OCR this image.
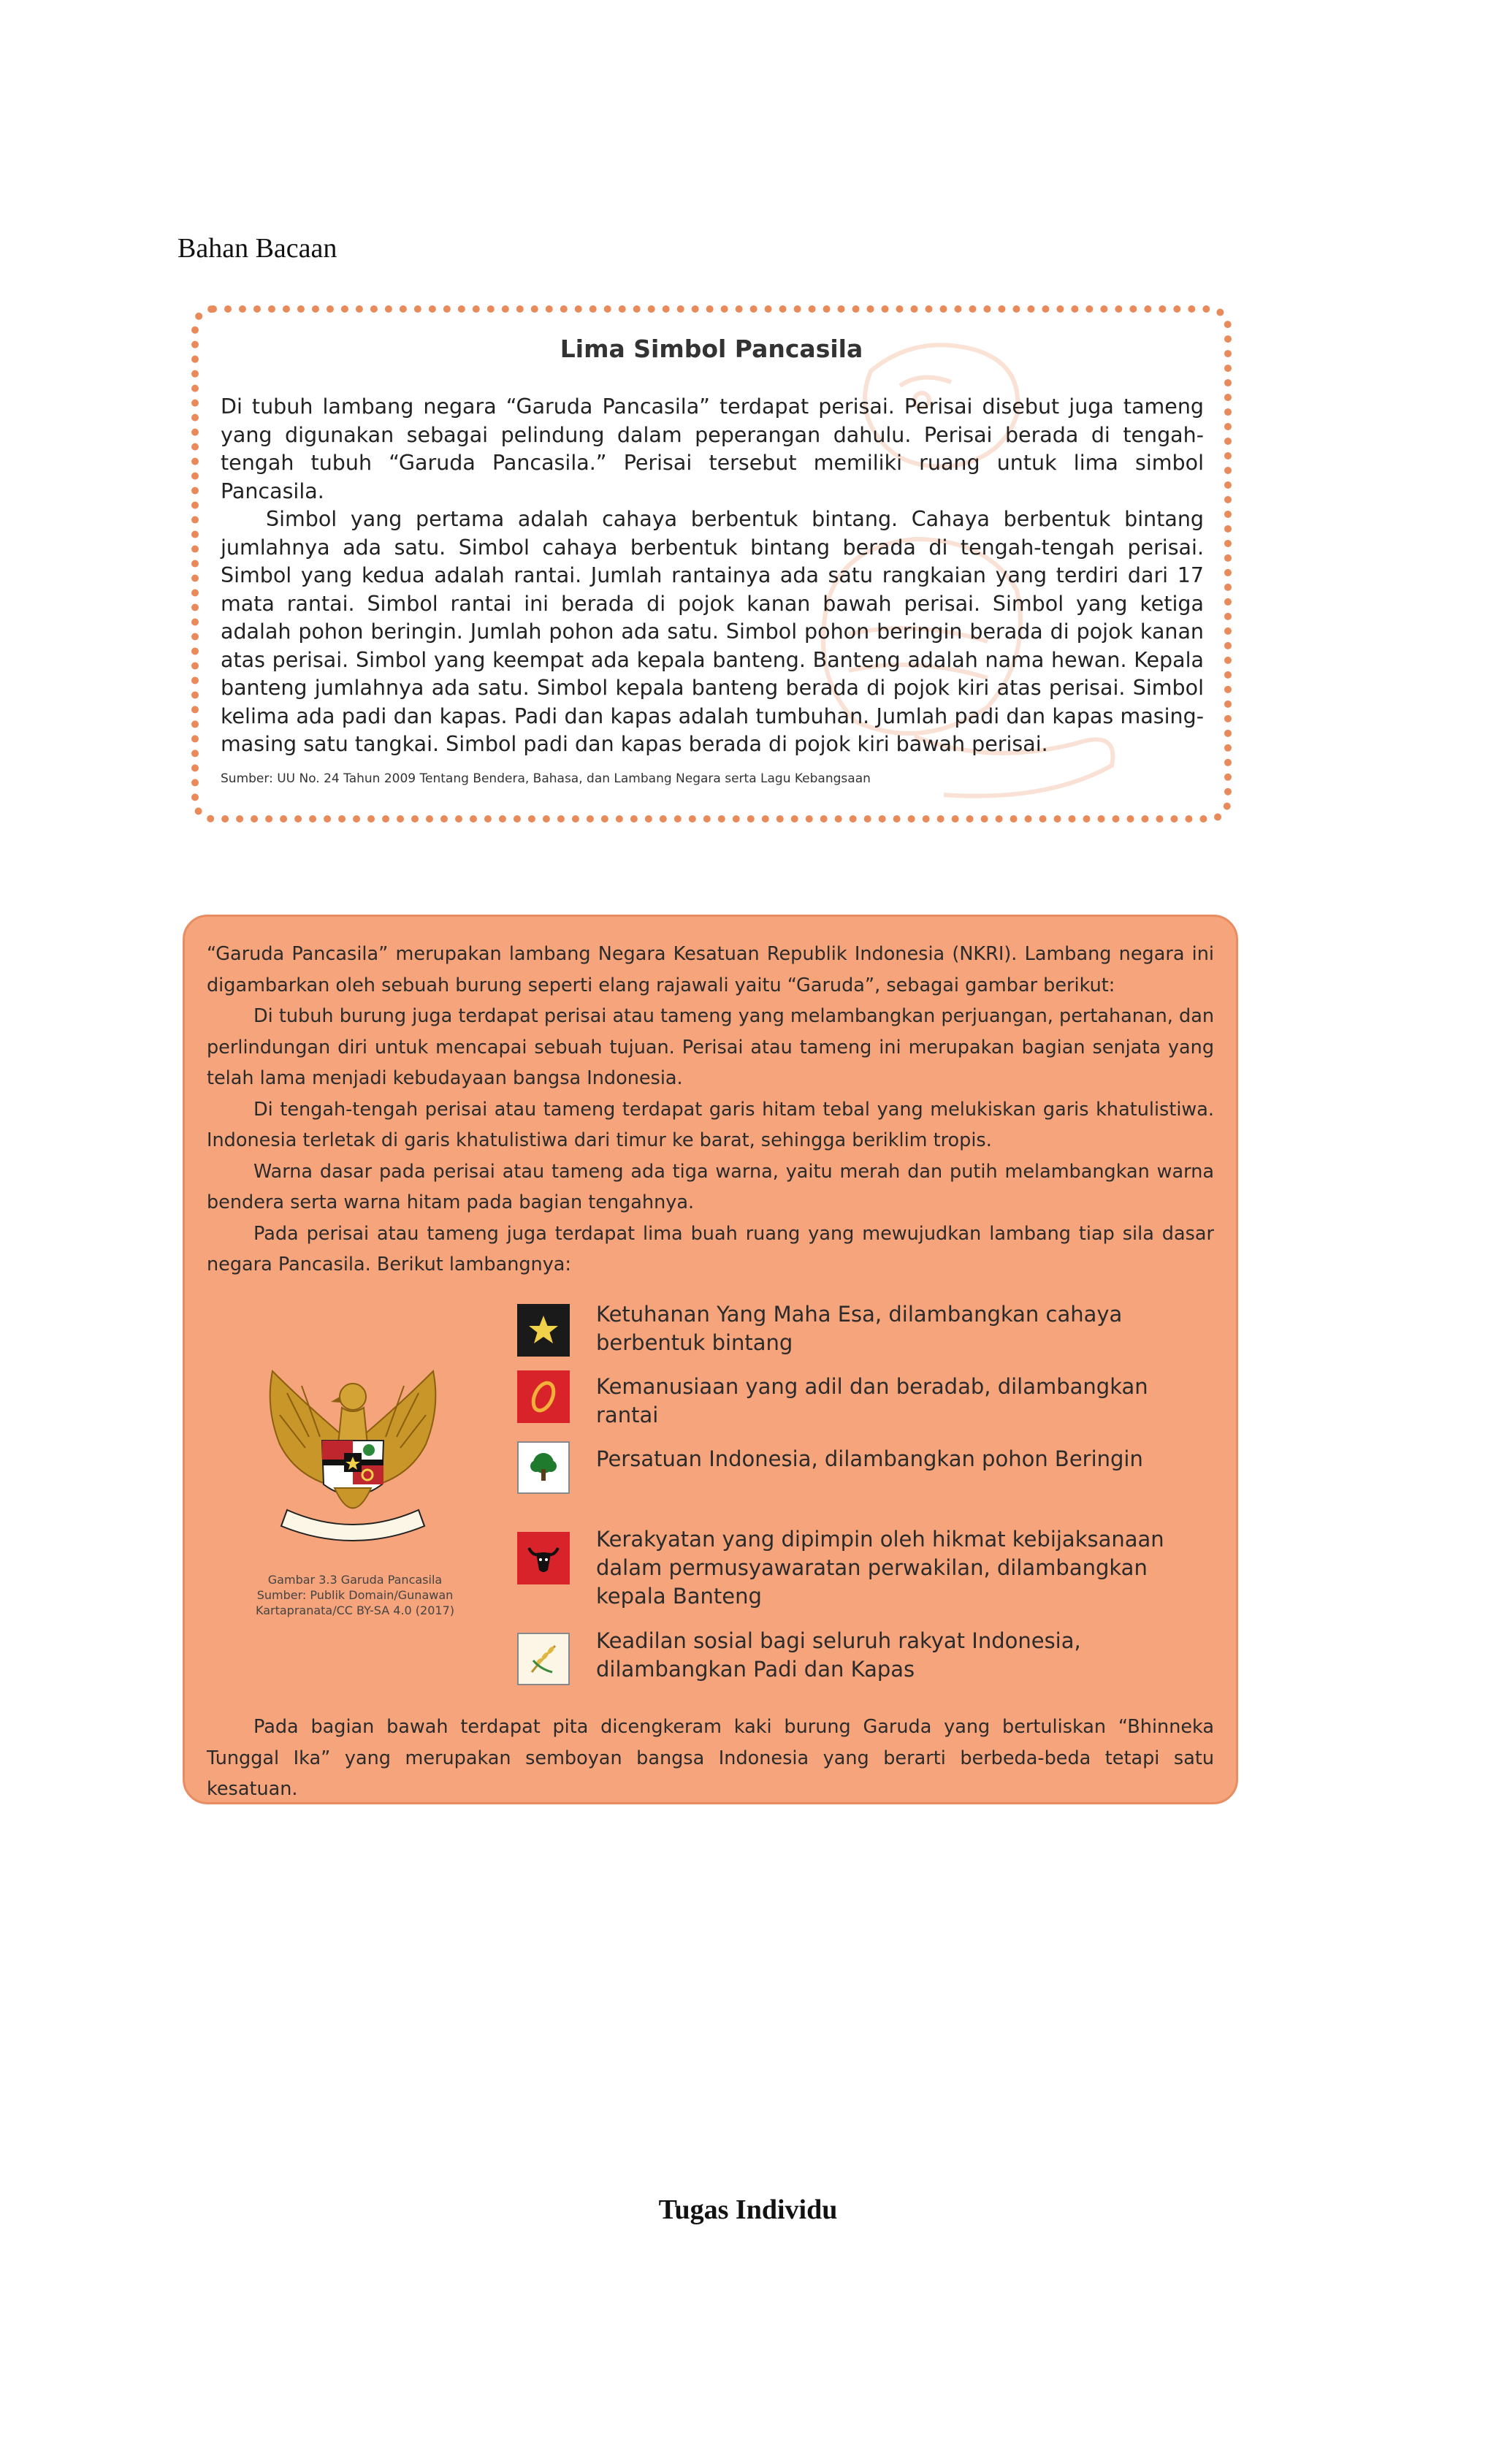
Bahan Bacaan
Lima Simbol Pancasila

Di tubuh lambang negara “Garuda Pancasila” terdapat perisai. Perisai disebut juga tameng yang digunakan sebagai pelindung dalam peperangan dahulu. Perisai berada di tengah-tengah tubuh “Garuda Pancasila.” Perisai tersebut memiliki ruang untuk lima simbol Pancasila.

Simbol yang pertama adalah cahaya berbentuk bintang. Cahaya berbentuk bintang jumlahnya ada satu. Simbol cahaya berbentuk bintang berada di tengah-tengah perisai. Simbol yang kedua adalah rantai. Jumlah rantainya ada satu rangkaian yang terdiri dari 17 mata rantai. Simbol rantai ini berada di pojok kanan bawah perisai. Simbol yang ketiga adalah pohon beringin. Jumlah pohon ada satu. Simbol pohon beringin berada di pojok kanan atas perisai. Simbol yang keempat ada kepala banteng. Banteng adalah nama hewan. Kepala banteng jumlahnya ada satu. Simbol kepala banteng berada di pojok kiri atas perisai. Simbol kelima ada padi dan kapas. Padi dan kapas adalah tumbuhan. Jumlah padi dan kapas masing-masing satu tangkai. Simbol padi dan kapas berada di pojok kiri bawah perisai.

Sumber: UU No. 24 Tahun 2009 Tentang Bendera, Bahasa, dan Lambang Negara serta Lagu Kebangsaan

“Garuda Pancasila” merupakan lambang Negara Kesatuan Republik Indonesia (NKRI). Lambang negara ini digambarkan oleh sebuah burung seperti elang rajawali yaitu “Garuda”, sebagai gambar berikut:

Di tubuh burung juga terdapat perisai atau tameng yang melambangkan perjuangan, pertahanan, dan perlindungan diri untuk mencapai sebuah tujuan. Perisai atau tameng ini merupakan bagian senjata yang telah lama menjadi kebudayaan bangsa Indonesia.

Di tengah-tengah perisai atau tameng terdapat garis hitam tebal yang melukiskan garis khatulistiwa. Indonesia terletak di garis khatulistiwa dari timur ke barat, sehingga beriklim tropis.

Warna dasar pada perisai atau tameng ada tiga warna, yaitu merah dan putih melambangkan warna bendera serta warna hitam pada bagian tengahnya.

Pada perisai atau tameng juga terdapat lima buah ruang yang mewujudkan lambang tiap sila dasar negara Pancasila. Berikut lambangnya:

Gambar 3.3 Garuda Pancasila
Sumber: Publik Domain/Gunawan
Kartapranata/CC BY-SA 4.0 (2017)
Ketuhanan Yang Maha Esa, dilambangkan cahaya berbentuk bintang
Kemanusiaan yang adil dan beradab, dilambangkan rantai
Persatuan Indonesia, dilambangkan pohon Beringin
Kerakyatan yang dipimpin oleh hikmat kebijaksanaan dalam permusyawaratan perwakilan, dilambangkan kepala Banteng
Keadilan sosial bagi seluruh rakyat Indonesia, dilambangkan Padi dan Kapas
Pada bagian bawah terdapat pita dicengkeram kaki burung Garuda yang bertuliskan “Bhinneka Tunggal Ika” yang merupakan semboyan bangsa Indonesia yang berarti berbeda-beda tetapi satu kesatuan.
Tugas Individu
